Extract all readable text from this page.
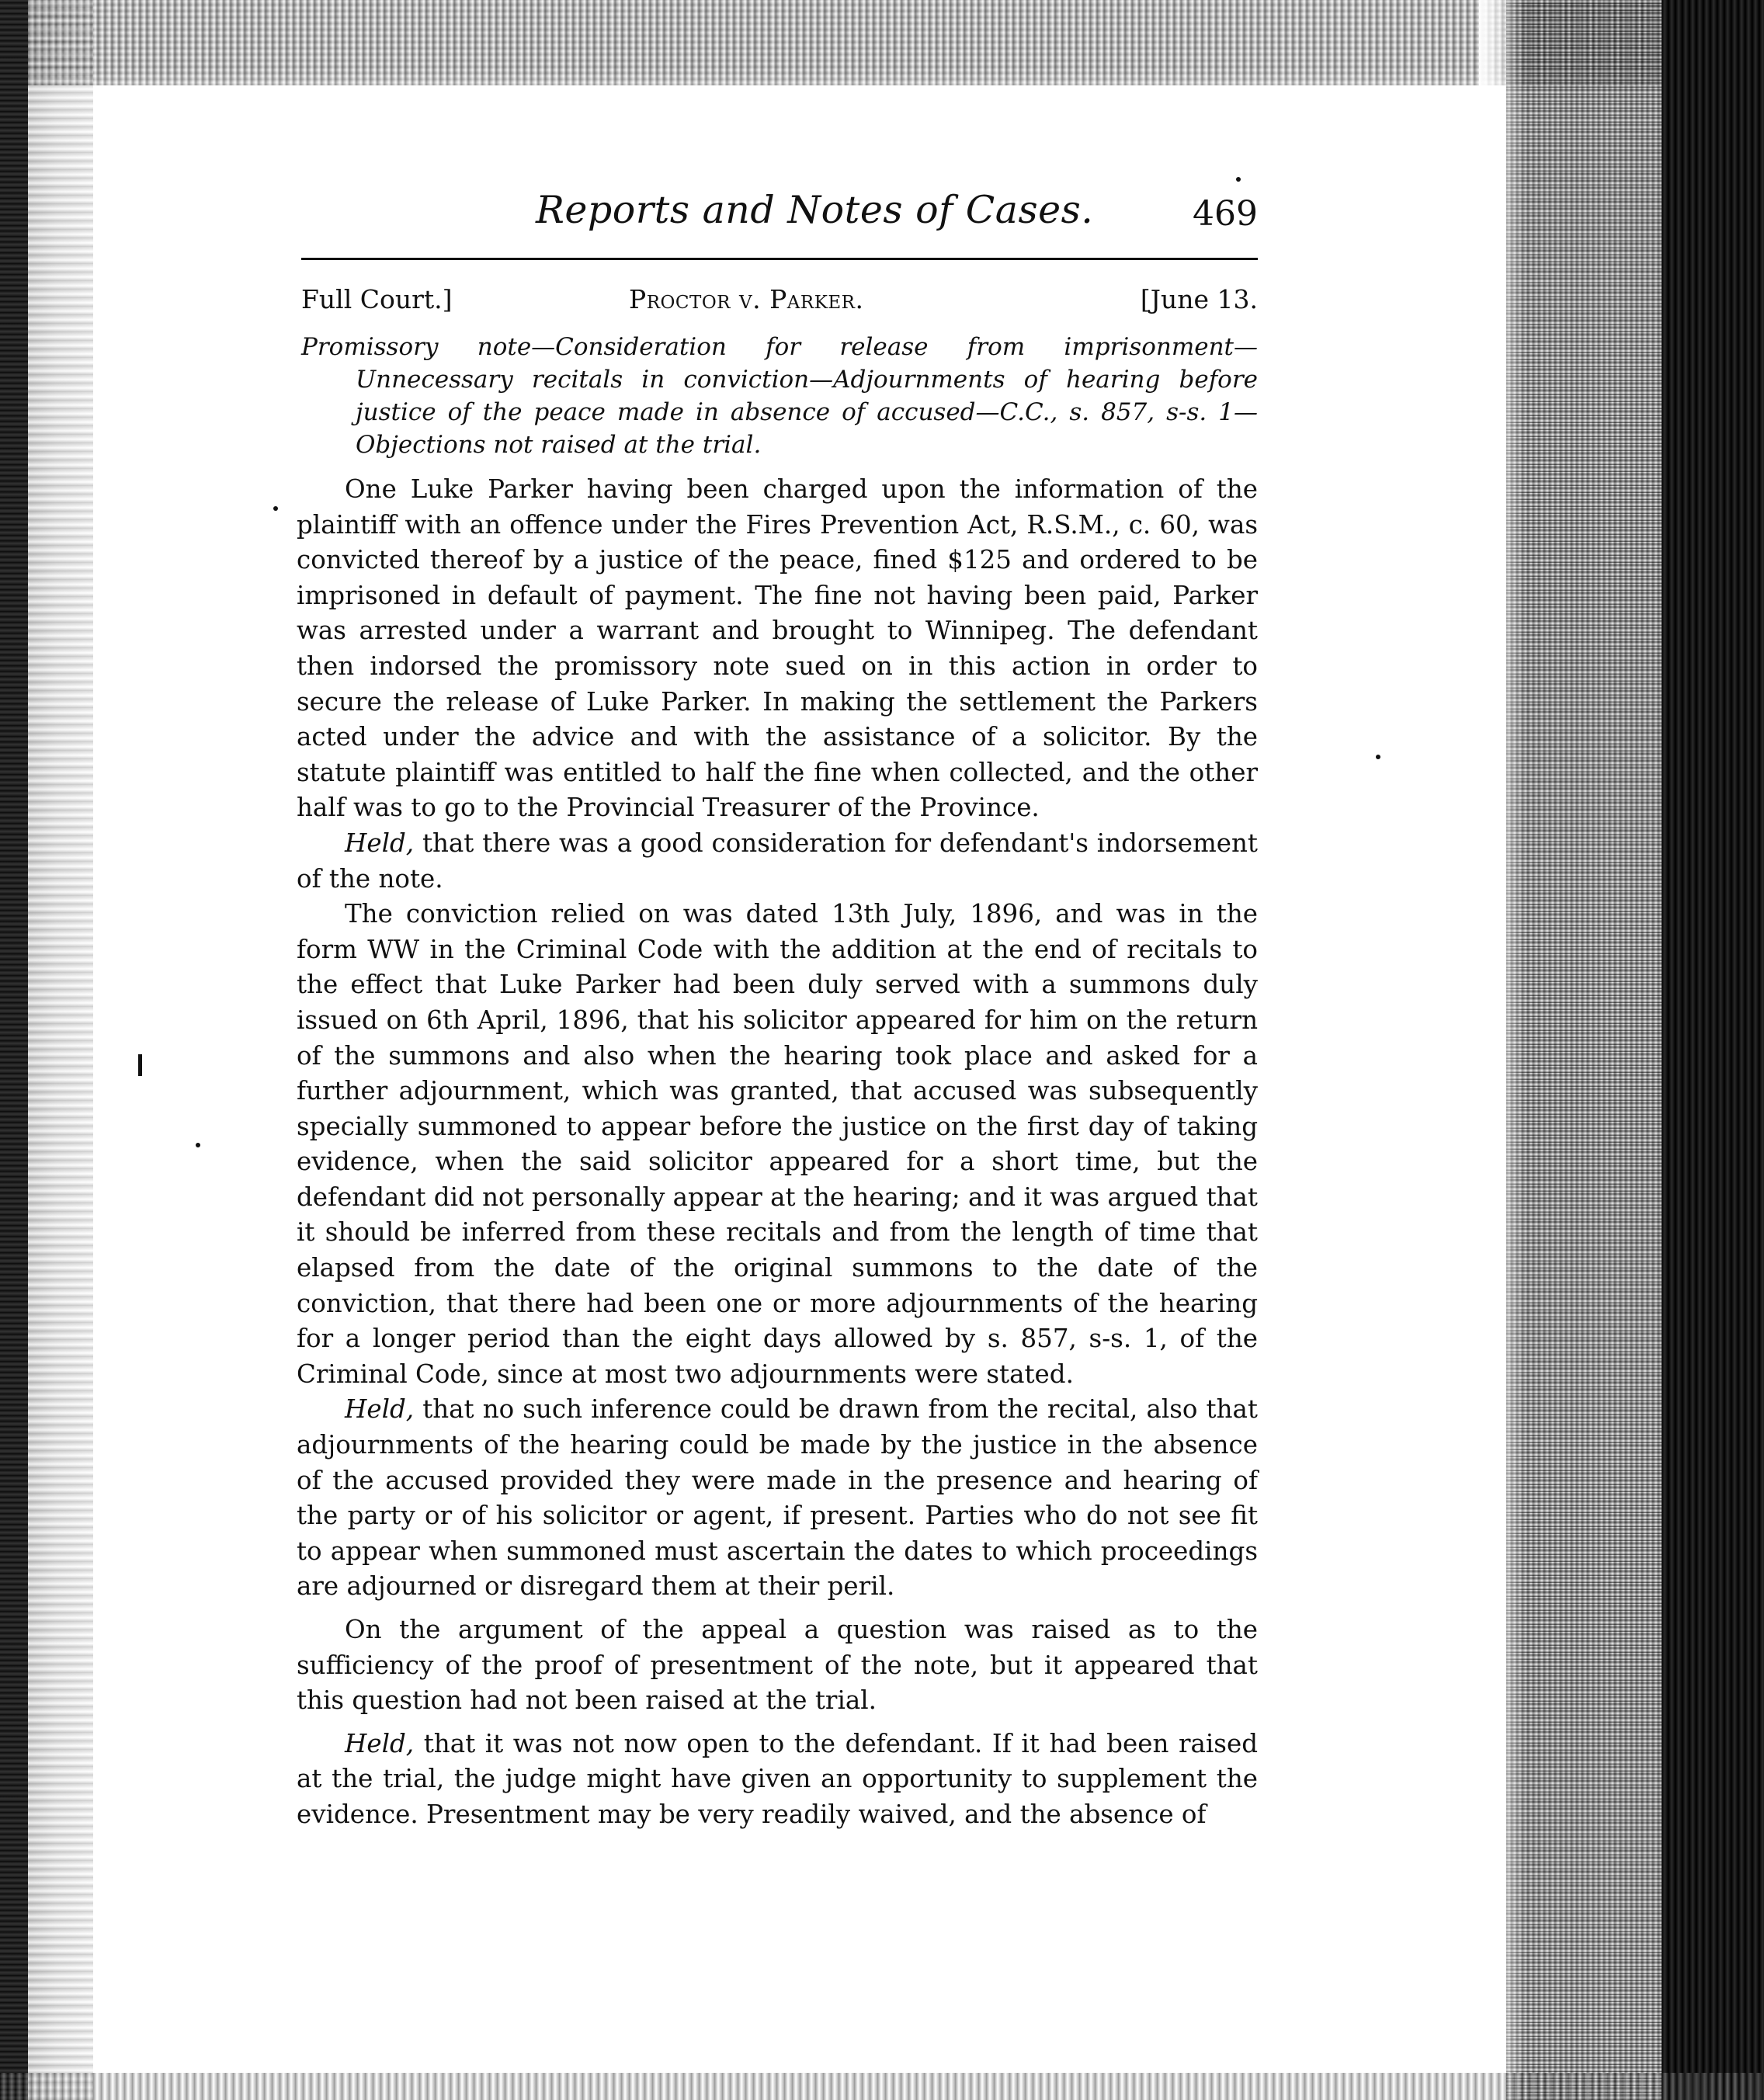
Reports and Notes of Cases.	469
Full Court.]	Proctor v. Parker.	[June 13.

Promissory note—Consideration for release from imprisonment—Unnecessary recitals in conviction—Adjournments of hearing before justice of the peace made in absence of accused—C.C., s. 857, s-s. 1—Objections not raised at the trial.

One Luke Parker having been charged upon the information of the plaintiff with an offence under the Fires Prevention Act, R.S.M., c. 60, was convicted thereof by a justice of the peace, fined $125 and ordered to be imprisoned in default of payment. The fine not having been paid, Parker was arrested under a warrant and brought to Winnipeg. The defendant then indorsed the promissory note sued on in this action in order to secure the release of Luke Parker. In making the settlement the Parkers acted under the advice and with the assistance of a solicitor. By the statute plaintiff was entitled to half the fine when collected, and the other half was to go to the Provincial Treasurer of the Province.

Held, that there was a good consideration for defendant's indorsement of the note.

The conviction relied on was dated 13th July, 1896, and was in the form WW in the Criminal Code with the addition at the end of recitals to the effect that Luke Parker had been duly served with a summons duly issued on 6th April, 1896, that his solicitor appeared for him on the return of the summons and also when the hearing took place and asked for a further adjournment, which was granted, that accused was subsequently specially summoned to appear before the justice on the first day of taking evidence, when the said solicitor appeared for a short time, but the defendant did not personally appear at the hearing; and it was argued that it should be inferred from these recitals and from the length of time that elapsed from the date of the original summons to the date of the conviction, that there had been one or more adjournments of the hearing for a longer period than the eight days allowed by s. 857, s-s. 1, of the Criminal Code, since at most two adjournments were stated.

Held, that no such inference could be drawn from the recital, also that adjournments of the hearing could be made by the justice in the absence of the accused provided they were made in the presence and hearing of the party or of his solicitor or agent, if present. Parties who do not see fit to appear when summoned must ascertain the dates to which proceedings are adjourned or disregard them at their peril.

On the argument of the appeal a question was raised as to the sufficiency of the proof of presentment of the note, but it appeared that this question had not been raised at the trial.

Held, that it was not now open to the defendant. If it had been raised at the trial, the judge might have given an opportunity to supplement the evidence. Presentment may be very readily waived, and the absence of
